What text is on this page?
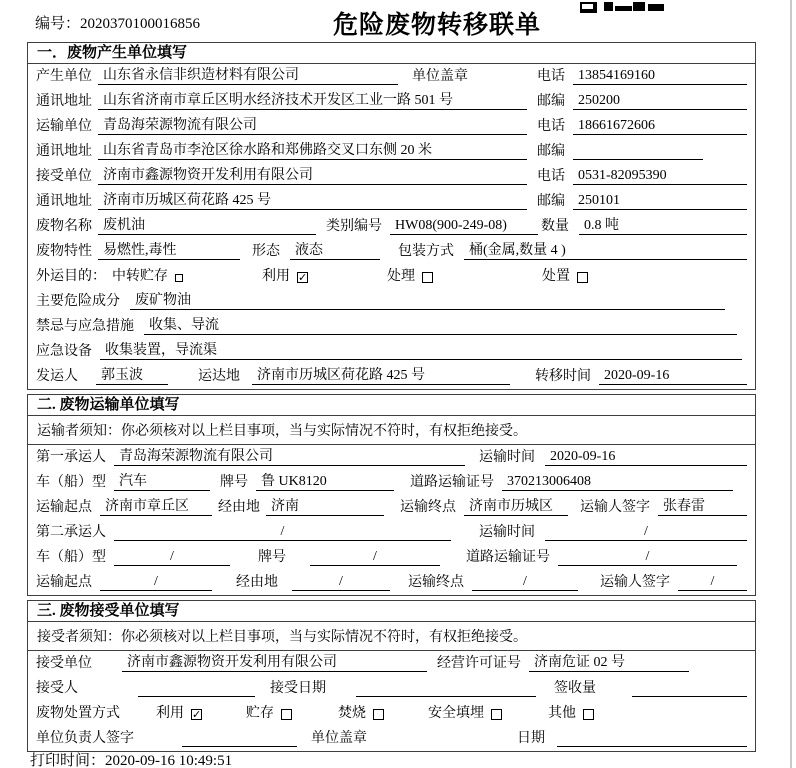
编号：2020370100016856	危险废物转移联单
一．废物产生单位填写
产生单位 山东省永信非织造材料有限公司	单位盖章	电话 13854169160
通讯地址 山东省济南市章丘区明水经济技术开发区工业一路 501 号	邮编 250200
运输单位 青岛海荣源物流有限公司	电话 18661672606
通讯地址 山东省青岛市李沧区徐水路和郑佛路交叉口东侧 20 米	邮编
接受单位 济南市鑫源物资开发利用有限公司	电话 0531-82095390
通讯地址 济南市历城区荷花路 425 号	邮编 250101
废物名称 废机油	类别编号 HW08(900-249-08)	数量	0.8 吨
废物特性 易燃性,毒性	形态	液态	包装方式	桶(金属,数量 4 )
外运目的： 中转贮存	利用 ✓	处理	处置
主要危险成分	废矿物油
禁忌与应急措施	收集、导流
应急设备 收集装置，导流渠
发运人	郭玉波	运达地	济南市历城区荷花路 425 号	转移时间 2020-09-16
二. 废物运输单位填写
运输者须知：你必须核对以上栏目事项，当与实际情况不符时，有权拒绝接受。
第一承运人 青岛海荣源物流有限公司	运输时间	2020-09-16
车（船）型 汽车	牌号 鲁 UK8120	道路运输证号 370213006408
运输起点 济南市章丘区	经由地 济南	运输终点 济南市历城区	运输人签字 张春雷
第二承运人	/	运输时间	/
车（船）型	/	牌号	/	道路运输证号	/
运输起点	/	经由地	/	运输终点	/	运输人签字	/
三. 废物接受单位填写
接受者须知：你必须核对以上栏目事项，当与实际情况不符时，有权拒绝接受。
接受单位	济南市鑫源物资开发利用有限公司	经营许可证号 济南危证 02 号
接受人	接受日期	签收量
废物处置方式	利用 ✓	贮存	焚烧	安全填埋	其他
单位负责人签字	单位盖章	日期
打印时间：2020-09-16 10:49:51
